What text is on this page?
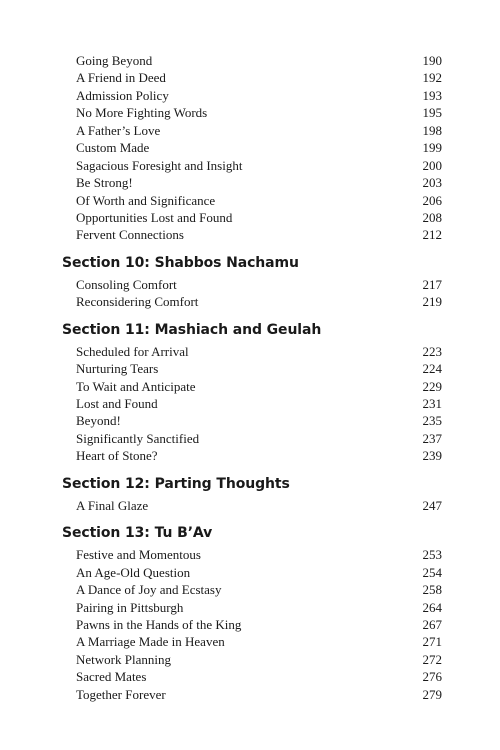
Going Beyond	190
A Friend in Deed	192
Admission Policy	193
No More Fighting Words	195
A Father’s Love	198
Custom Made	199
Sagacious Foresight and Insight	200
Be Strong!	203
Of Worth and Significance	206
Opportunities Lost and Found	208
Fervent Connections	212
Section 10: Shabbos Nachamu
Consoling Comfort	217
Reconsidering Comfort	219
Section 11: Mashiach and Geulah
Scheduled for Arrival	223
Nurturing Tears	224
To Wait and Anticipate	229
Lost and Found	231
Beyond!	235
Significantly Sanctified	237
Heart of Stone?	239
Section 12: Parting Thoughts
A Final Glaze	247
Section 13: Tu B’Av
Festive and Momentous	253
An Age-Old Question	254
A Dance of Joy and Ecstasy	258
Pairing in Pittsburgh	264
Pawns in the Hands of the King	267
A Marriage Made in Heaven	271
Network Planning	272
Sacred Mates	276
Together Forever	279
